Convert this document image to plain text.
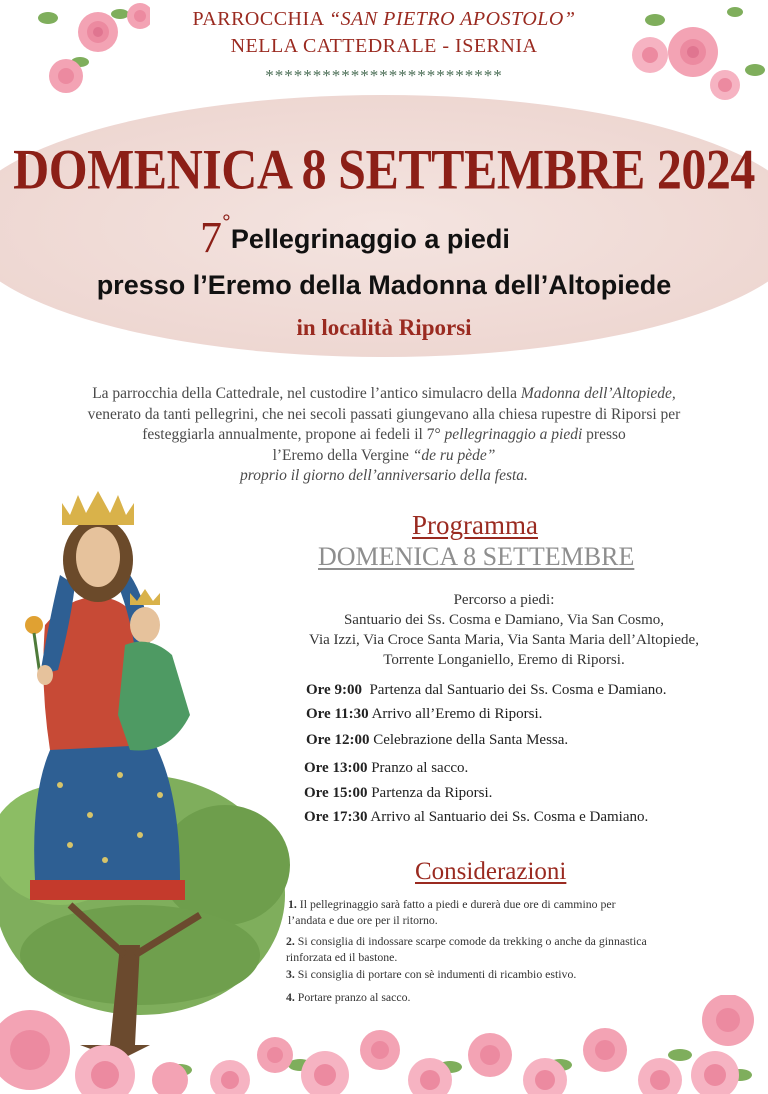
PARROCCHIA “SAN PIETRO APOSTOLO”
NELLA CATTEDRALE - ISERNIA
*************************
DOMENICA 8 SETTEMBRE 2024
7°Pellegrinaggio a piedi
presso l’Eremo della Madonna dell’Altopiede
in località Riporsi
La parrocchia della Cattedrale, nel custodire l’antico simulacro della Madonna dell’Altopiede,
venerato da tanti pellegrini, che nei secoli passati giungevano alla chiesa rupestre di Riporsi per
festeggiarla annualmente, propone ai fedeli il 7° pellegrinaggio a piedi presso
l’Eremo della Vergine “de ru pède”
proprio il giorno dell’anniversario della festa.
Programma
DOMENICA 8 SETTEMBRE
Percorso a piedi:
Santuario dei Ss. Cosma e Damiano, Via San Cosmo,
Via Izzi, Via Croce Santa Maria, Via Santa Maria dell’Altopiede,
Torrente Longaniello, Eremo di Riporsi.
Ore 9:00  Partenza dal Santuario dei Ss. Cosma e Damiano.
Ore 11:30 Arrivo all’Eremo di Riporsi.
Ore 12:00 Celebrazione della Santa Messa.
Ore 13:00 Pranzo al sacco.
Ore 15:00 Partenza da Riporsi.
Ore 17:30 Arrivo al Santuario dei Ss. Cosma e Damiano.
Considerazioni
1. Il pellegrinaggio sarà fatto a piedi e durerà due ore di cammino per
l’andata e due ore per il ritorno.
2. Si consiglia di indossare scarpe comode da trekking o anche da ginnastica
rinforzata ed il bastone.
3. Si consiglia di portare con sè indumenti di ricambio estivo.
4. Portare pranzo al sacco.
